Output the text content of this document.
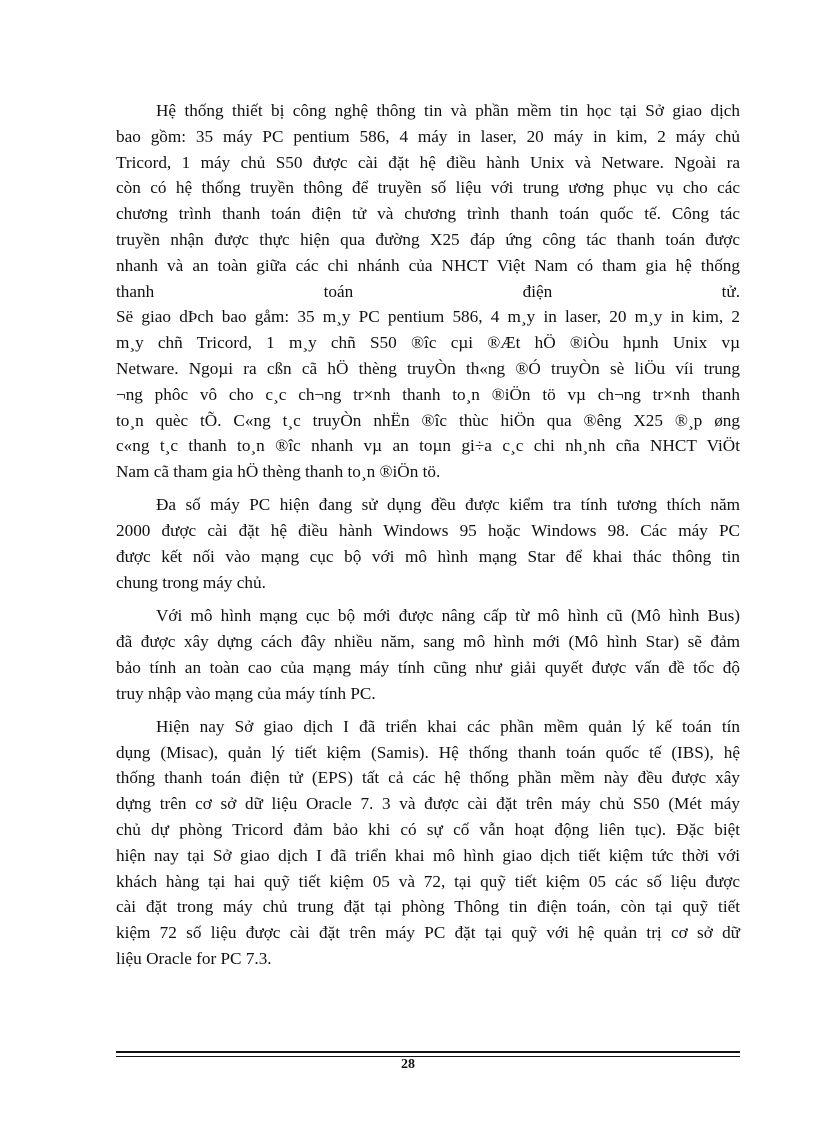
Hệ thống thiết bị công nghệ thông tin và phần mềm tin học tại Sở giao dịch
bao gồm: 35 máy PC pentium 586, 4 máy in laser, 20 máy in kim, 2 máy chủ
Tricord, 1 máy chủ S50 được cài đặt hệ điều hành Unix và Netware. Ngoài ra
còn có hệ thống truyền thông để truyền số liệu với trung ương phục vụ cho các
chương trình thanh toán điện tử và chương trình thanh toán quốc tế. Công tác
truyền nhận được thực hiện qua đường X25 đáp ứng công tác thanh toán được
nhanh và an toàn giữa các chi nhánh của NHCT Việt Nam có tham gia hệ thống
thanh toán điện tử.
Së giao dÞch bao gåm: 35 m¸y PC pentium 586, 4 m¸y in laser, 20 m¸y in kim, 2
m¸y chñ Tricord, 1 m¸y chñ S50 ®îc cµi ®Æt hÖ ®iÒu hµnh Unix vµ
Netware. Ngoµi ra cßn cã hÖ thèng truyÒn th«ng ®Ó truyÒn sè liÖu víi trung
¬ng phôc vô cho c¸c ch¬ng tr×nh thanh to¸n ®iÖn tö vµ ch¬ng tr×nh thanh
to¸n quèc tÕ. C«ng t¸c truyÒn nhËn ®îc thùc hiÖn qua ®êng X25 ®¸p øng
c«ng t¸c thanh to¸n ®îc nhanh vµ an toµn gi÷a c¸c chi nh¸nh cña NHCT ViÖt
Nam cã tham gia hÖ thèng thanh to¸n ®iÖn tö.
Đa số máy PC hiện đang sử dụng đều được kiểm tra tính tương thích năm
2000 được cài đặt hệ điều hành Windows 95 hoặc Windows 98. Các máy PC
được kết nối vào mạng cục bộ với mô hình mạng Star để khai thác thông tin
chung trong máy chủ.
Với mô hình mạng cục bộ mới được nâng cấp từ mô hình cũ (Mô hình Bus)
đã được xây dựng cách đây nhiều năm, sang mô hình mới (Mô hình Star) sẽ đảm
bảo tính an toàn cao của mạng máy tính cũng như giải quyết được vấn đề tốc độ
truy nhập vào mạng của máy tính PC.
Hiện nay Sở giao dịch I đã triển khai các phần mềm quản lý kế toán tín
dụng (Misac), quản lý tiết kiệm (Samis). Hệ thống thanh toán quốc tế (IBS), hệ
thống thanh toán điện tử (EPS) tất cả các hệ thống phần mềm này đều được xây
dựng trên cơ sở dữ liệu Oracle 7. 3 và được cài đặt trên máy chủ S50 (Mét máy
chủ dự phòng Tricord đảm bảo khi có sự cố vẫn hoạt động liên tục). Đặc biệt
hiện nay tại Sở giao dịch I đã triển khai mô hình giao dịch tiết kiệm tức thời với
khách hàng tại hai quỹ tiết kiệm 05 và 72, tại quỹ tiết kiệm 05 các số liệu được
cài đặt trong máy chủ trung đặt tại phòng Thông tin điện toán, còn tại quỹ tiết
kiệm 72 số liệu được cài đặt trên máy PC đặt tại quỹ với hệ quản trị cơ sở dữ
liệu Oracle for PC 7.3.
28
